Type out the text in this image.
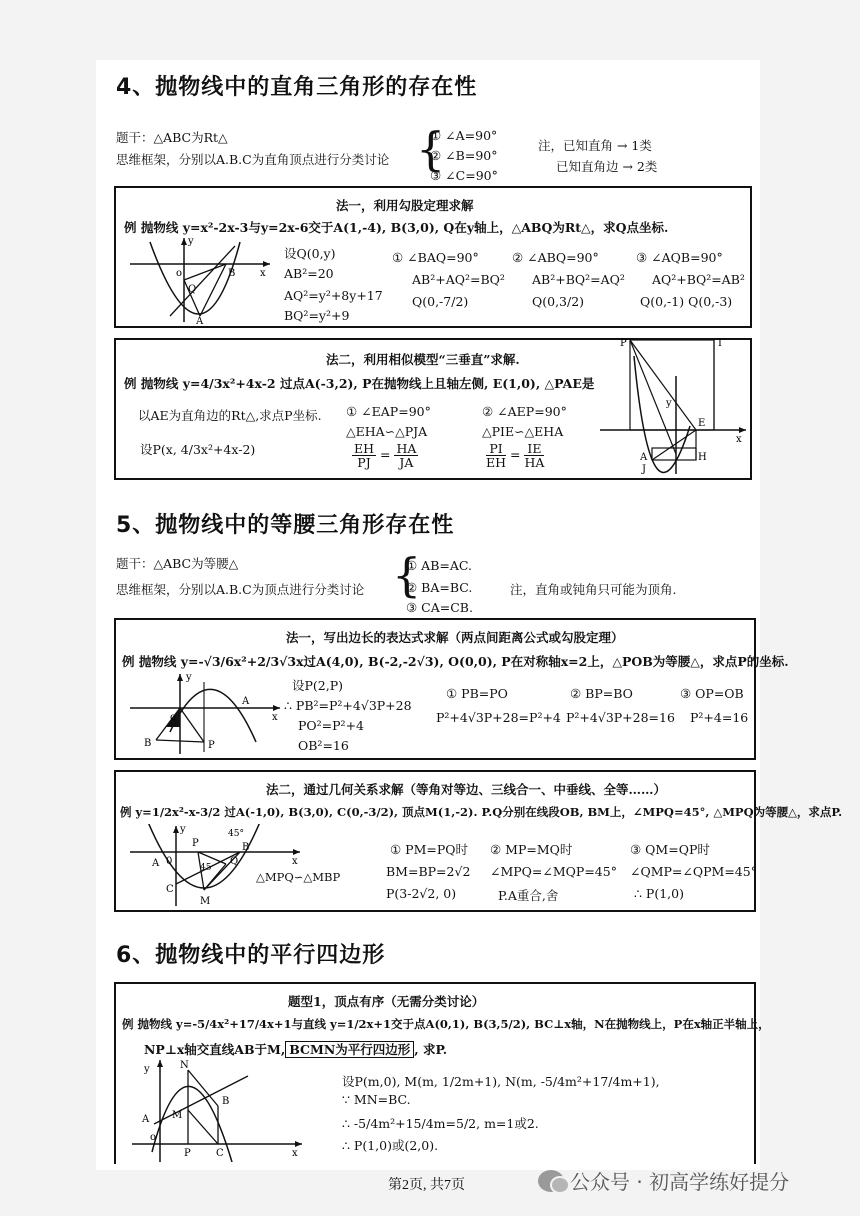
4、抛物线中的直角三角形的存在性
题干：△ABC为Rt△
思维框架，分别以A.B.C为直角顶点进行分类讨论 {
① ∠A=90°
② ∠B=90°
③ ∠C=90°
注，已知直角 → 1类
已知直角边 → 2类
法一，利用勾股定理求解
例 抛物线 y=x²-2x-3与y=2x-6交于A(1,-4), B(3,0), Q在y轴上，△ABQ为Rt△，求Q点坐标.
y
x
o	B
Q
A
设Q(0,y)
AB²=20
AQ²=y²+8y+17
BQ²=y²+9
① ∠BAQ=90°
AB²+AQ²=BQ²
Q(0,-7/2)
② ∠ABQ=90°
AB²+BQ²=AQ²
Q(0,3/2)
③ ∠AQB=90°
AQ²+BQ²=AB²
Q(0,-1) Q(0,-3)
法二，利用相似模型“三垂直”求解.
例 抛物线 y=4/3x²+4x-2 过点A(-3,2), P在抛物线上且轴左侧, E(1,0), △PAE是
以AE为直角边的Rt△,求点P坐标.
设P(x, 4/3x²+4x-2)
① ∠EAP=90°
△EHA∽△PJA
$\frac{EH}{PJ} = \frac{HA}{JA}$
② ∠AEP=90°
△PIE∽△EHA
$\frac{PI}{EH} = \frac{IE}{HA}$
P	I
y
x
E
A	H
J
5、抛物线中的等腰三角形存在性
题干：△ABC为等腰△
思维框架，分别以A.B.C为顶点进行分类讨论 {
① AB=AC.
② BA=BC.
③ CA=CB.
注，直角或钝角只可能为顶角.
法一，写出边长的表达式求解（两点间距离公式或勾股定理）
例 抛物线 y=-√3/6x²+2/3√3x过A(4,0), B(-2,-2√3), O(0,0), P在对称轴x=2上，△POB为等腰△，求点P的坐标.
y
x
o
A
B	P
设P(2,P)
∴ PB²=P²+4√3P+28
PO²=P²+4
OB²=16
① PB=PO
P²+4√3P+28=P²+4
② BP=BO
P²+4√3P+28=16
③ OP=OB
P²+4=16
法二，通过几何关系求解（等角对等边、三线合一、中垂线、全等……）
例 y=1/2x²-x-3/2 过A(-1,0), B(3,0), C(0,-3/2), 顶点M(1,-2). P.Q分别在线段OB, BM上，∠MPQ=45°, △MPQ为等腰△，求点P.
y
x
A 0
P
45°
Q
B
C
M
45
△MPQ∽△MBP
① PM=PQ时
BM=BP=2√2
P(3-2√2, 0)
② MP=MQ时
∠MPQ=∠MQP=45°
P.A重合,舍
③ QM=QP时
∠QMP=∠QPM=45°
∴ P(1,0)
6、抛物线中的平行四边形
题型1，顶点有序（无需分类讨论）
例 抛物线 y=-5/4x²+17/4x+1与直线 y=1/2x+1交于点A(0,1), B(3,5/2), BC⊥x轴，N在抛物线上，P在x轴正半轴上，
NP⊥x轴交直线AB于M, BCMN为平行四边形 , 求P.
y
x
N
B
A M
o
P	C
设P(m,0), M(m, 1/2m+1), N(m, -5/4m²+17/4m+1),
∵ MN=BC.
∴ -5/4m²+15/4m=5/2, m=1或2.
∴ P(1,0)或(2,0).
第2页, 共7页	公众号 · 初高学练好提分
